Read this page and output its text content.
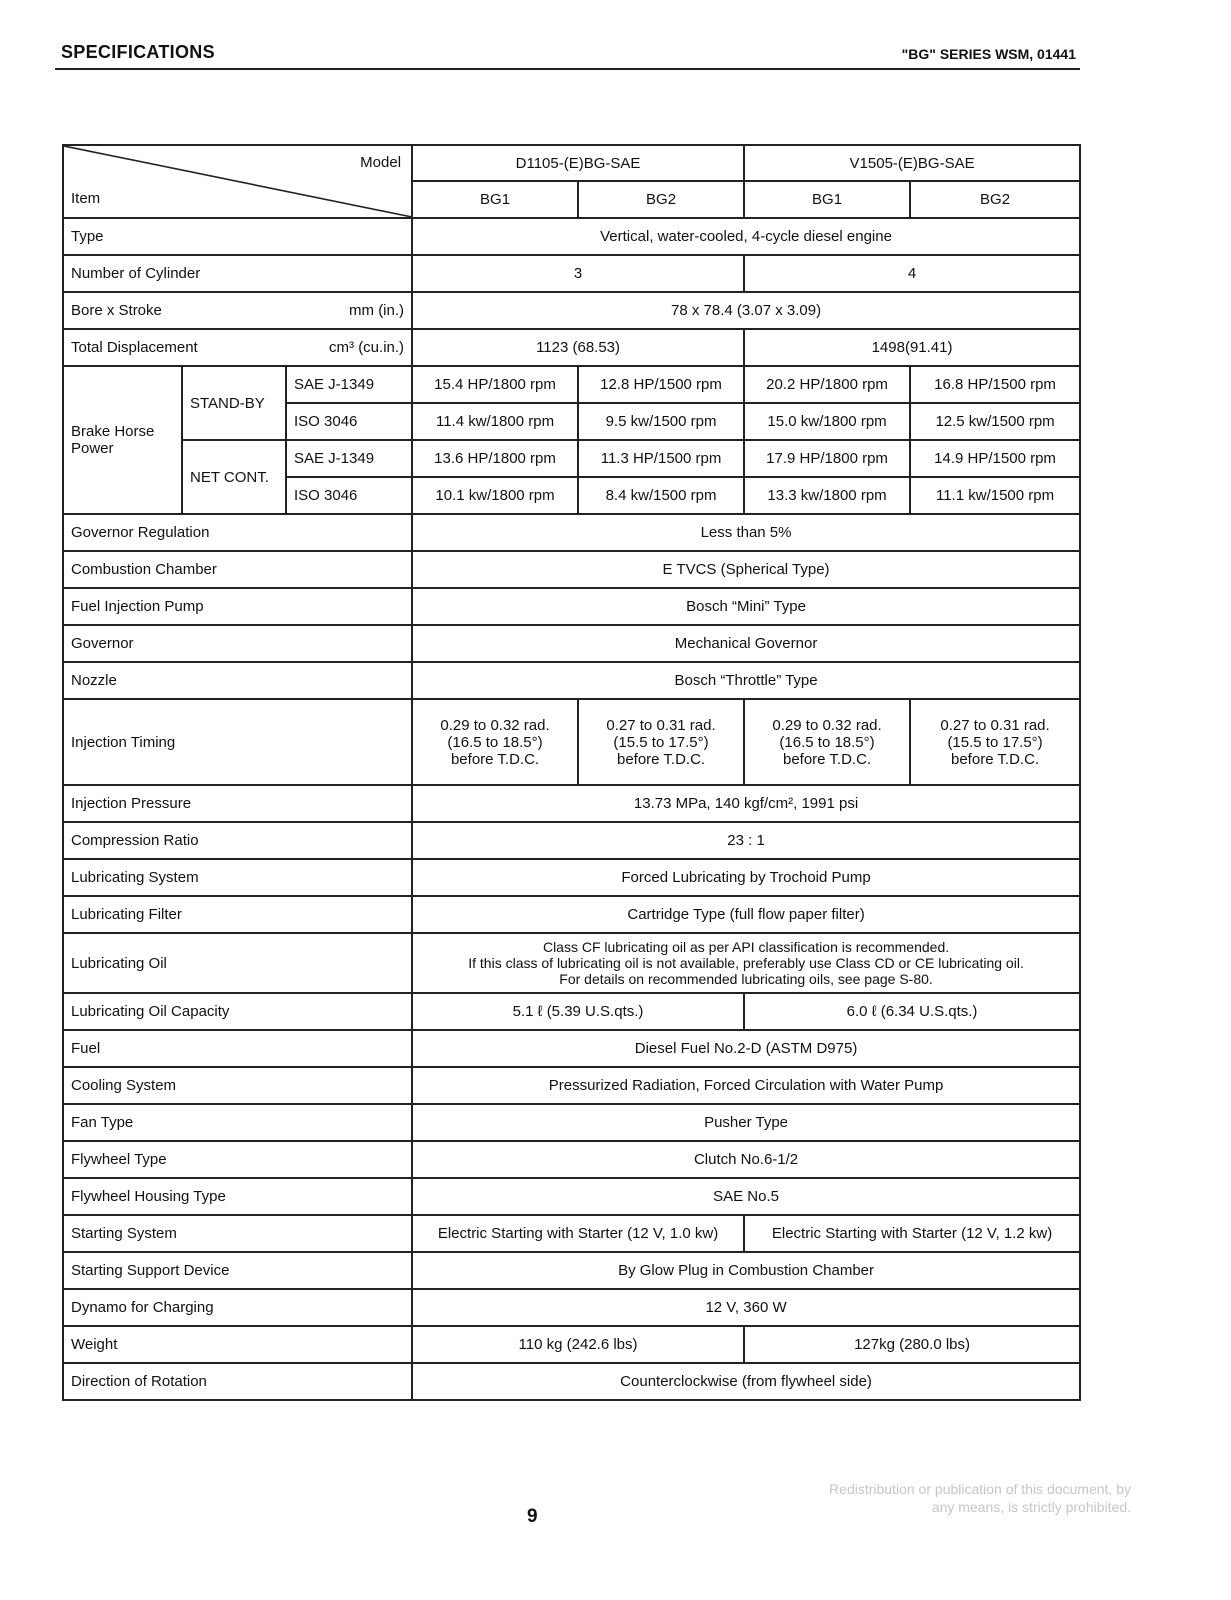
SPECIFICATIONS	"BG" SERIES WSM, 01441
Model
Item			D1105-(E)BG-SAE		V1505-(E)BG-SAE	
			BG1	BG2	BG1	BG2
Type			Vertical, water-cooled, 4-cycle diesel engine			
Number of Cylinder			3		4	
Bore x Stroke mm (in.)			78 x 78.4 (3.07 x 3.09)			
Total Displacement cm³ (cu.in.)			1123 (68.53)		1498(91.41)	
Brake Horse
Power	STAND-BY	SAE J-1349	15.4 HP/1800 rpm	12.8 HP/1500 rpm	20.2 HP/1800 rpm	16.8 HP/1500 rpm
		ISO 3046	11.4 kw/1800 rpm	9.5 kw/1500 rpm	15.0 kw/1800 rpm	12.5 kw/1500 rpm
	NET CONT.	SAE J-1349	13.6 HP/1800 rpm	11.3 HP/1500 rpm	17.9 HP/1800 rpm	14.9 HP/1500 rpm
		ISO 3046	10.1 kw/1800 rpm	8.4 kw/1500 rpm	13.3 kw/1800 rpm	11.1 kw/1500 rpm
Governor Regulation			Less than 5%			
Combustion Chamber			E TVCS (Spherical Type)			
Fuel Injection Pump			Bosch “Mini” Type			
Governor			Mechanical Governor			
Nozzle			Bosch “Throttle” Type			
Injection Timing			0.29 to 0.32 rad.
(16.5 to 18.5°)
before T.D.C.	0.27 to 0.31 rad.
(15.5 to 17.5°)
before T.D.C.	0.29 to 0.32 rad.
(16.5 to 18.5°)
before T.D.C.	0.27 to 0.31 rad.
(15.5 to 17.5°)
before T.D.C.
Injection Pressure			13.73 MPa, 140 kgf/cm², 1991 psi			
Compression Ratio			23 : 1			
Lubricating System			Forced Lubricating by Trochoid Pump			
Lubricating Filter			Cartridge Type (full flow paper filter)			
Lubricating Oil			Class CF lubricating oil as per API classification is recommended.
If this class of lubricating oil is not available, preferably use Class CD or CE lubricating oil.
For details on recommended lubricating oils, see page S-80.			
Lubricating Oil Capacity			5.1 ℓ (5.39 U.S.qts.)		6.0 ℓ (6.34 U.S.qts.)	
Fuel			Diesel Fuel No.2-D (ASTM D975)			
Cooling System			Pressurized Radiation, Forced Circulation with Water Pump			
Fan Type			Pusher Type			
Flywheel Type			Clutch No.6-1/2			
Flywheel Housing Type			SAE No.5			
Starting System			Electric Starting with Starter (12 V, 1.0 kw)		Electric Starting with Starter (12 V, 1.2 kw)	
Starting Support Device			By Glow Plug in Combustion Chamber			
Dynamo for Charging			12 V, 360 W			
Weight			110 kg (242.6 lbs)		127kg (280.0 lbs)	
Direction of Rotation			Counterclockwise (from flywheel side)			
Redistribution or publication of this document, by
any means, is strictly prohibited.
9
